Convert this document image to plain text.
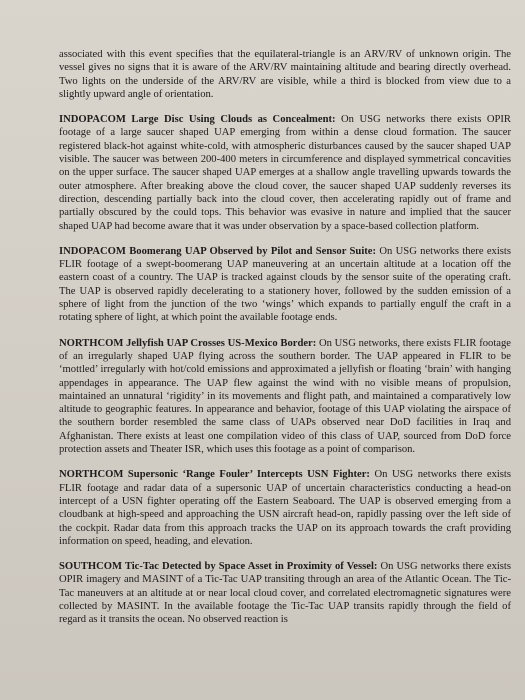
associated with this event specifies that the equilateral-triangle is an ARV/RV of unknown origin. The vessel gives no signs that it is aware of the ARV/RV maintaining altitude and bearing directly overhead. Two lights on the underside of the ARV/RV are visible, while a third is blocked from view due to a slightly upward angle of orientation.

INDOPACOM Large Disc Using Clouds as Concealment: On USG networks there exists OPIR footage of a large saucer shaped UAP emerging from within a dense cloud formation. The saucer registered black-hot against white-cold, with atmospheric disturbances caused by the saucer shaped UAP visible. The saucer was between 200-400 meters in circumference and displayed symmetrical concavities on the upper surface. The saucer shaped UAP emerges at a shallow angle travelling upwards towards the outer atmosphere. After breaking above the cloud cover, the saucer shaped UAP suddenly reverses its direction, descending partially back into the cloud cover, then accelerating rapidly out of frame and partially obscured by the could tops. This behavior was evasive in nature and implied that the saucer shaped UAP had become aware that it was under observation by a space-based collection platform.

INDOPACOM Boomerang UAP Observed by Pilot and Sensor Suite: On USG networks there exists FLIR footage of a swept-boomerang UAP maneuvering at an uncertain altitude at a location off the eastern coast of a country. The UAP is tracked against clouds by the sensor suite of the operating craft. The UAP is observed rapidly decelerating to a stationery hover, followed by the sudden emission of a sphere of light from the junction of the two ‘wings’ which expands to partially engulf the craft in a rotating sphere of light, at which point the available footage ends.

NORTHCOM Jellyfish UAP Crosses US-Mexico Border: On USG networks, there exists FLIR footage of an irregularly shaped UAP flying across the southern border. The UAP appeared in FLIR to be ‘mottled’ irregularly with hot/cold emissions and approximated a jellyfish or floating ‘brain’ with hanging appendages in appearance. The UAP flew against the wind with no visible means of propulsion, maintained an unnatural ‘rigidity’ in its movements and flight path, and maintained a comparatively low altitude to geographic features. In appearance and behavior, footage of this UAP violating the airspace of the southern border resembled the same class of UAPs observed near DoD facilities in Iraq and Afghanistan. There exists at least one compilation video of this class of UAP, sourced from DoD force protection assets and Theater ISR, which uses this footage as a point of comparison.

NORTHCOM Supersonic ‘Range Fouler’ Intercepts USN Fighter: On USG networks there exists FLIR footage and radar data of a supersonic UAP of uncertain characteristics conducting a head-on intercept of a USN fighter operating off the Eastern Seaboard. The UAP is observed emerging from a cloudbank at high-speed and approaching the USN aircraft head-on, rapidly passing over the left side of the cockpit. Radar data from this approach tracks the UAP on its approach towards the craft providing information on speed, heading, and elevation.

SOUTHCOM Tic-Tac Detected by Space Asset in Proximity of Vessel: On USG networks there exists OPIR imagery and MASINT of a Tic-Tac UAP transiting through an area of the Atlantic Ocean. The Tic-Tac maneuvers at an altitude at or near local cloud cover, and correlated electromagnetic signatures were collected by MASINT. In the available footage the Tic-Tac UAP transits rapidly through the field of regard as it transits the ocean. No observed reaction is
